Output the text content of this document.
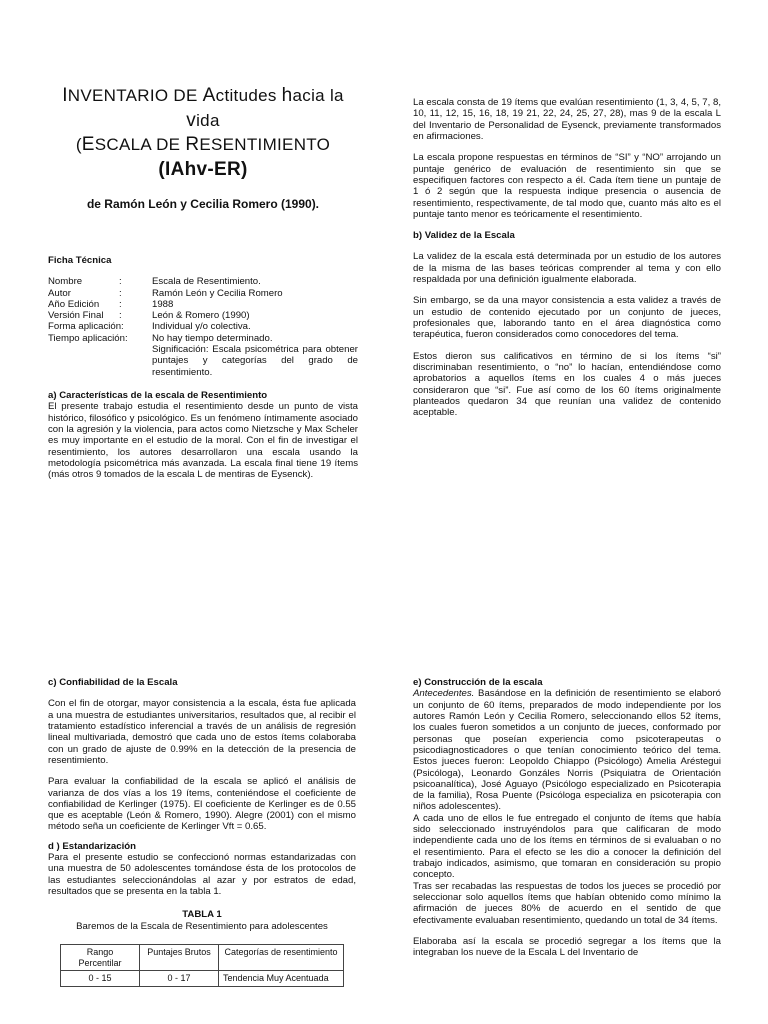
INVENTARIO DE Actitudes hacia la
vida
(ESCALA DE RESENTIMIENTO
(IAhv-ER)
de Ramón León y Cecilia Romero (1990).

Ficha Técnica

Nombre	:	Escala de Resentimiento.
Autor	:	Ramón León y Cecilia Romero
Año Edición	:	1988
Versión Final	:	León & Romero (1990)
Forma aplicación:	Individual y/o colectiva.
Tiempo aplicación:	No hay tiempo determinado.

Significación: Escala psicométrica para obtener puntajes y categorías del grado de resentimiento.

a) Características de la escala de Resentimiento

El presente trabajo estudia el resentimiento desde un punto de vista histórico, filosófico y psicológico. Es un fenómeno íntimamente asociado con la agresión y la violencia, para actos como Nietzsche y Max Scheler es muy importante en el estudio de la moral. Con el fin de investigar el resentimiento, los autores desarrollaron una escala usando la metodología psicométrica más avanzada. La escala final tiene 19 ítems (más otros 9 tomados de la escala L de mentiras de Eysenck).

La escala consta de 19 ítems que evalúan resentimiento (1, 3, 4, 5, 7, 8, 10, 11, 12, 15, 16, 18, 19 21, 22, 24, 25, 27, 28), mas 9 de la escala L del Inventario de Personalidad de Eysenck, previamente transformados en afirmaciones.

La escala propone respuestas en términos de “SI” y “NO” arrojando un puntaje genérico de evaluación de resentimiento sin que se especifiquen factores con respecto a él. Cada ítem tiene un puntaje de 1 ó 2 según que la respuesta indique presencia o ausencia de resentimiento, respectivamente, de tal modo que, cuanto más alto es el puntaje tanto menor es teóricamente el resentimiento.

b) Validez de la Escala

La validez de la escala está determinada por un estudio de los autores de la misma de las bases teóricas comprender al tema y con ello respaldada por una definición igualmente elaborada.

Sin embargo, se da una mayor consistencia a esta validez a través de un estudio de contenido ejecutado por un conjunto de jueces, profesionales que, laborando tanto en el área diagnóstica como terapéutica, fueron considerados como conocedores del tema.

Estos dieron sus calificativos en término de si los ítems “si” discriminaban resentimiento, o “no” lo hacían, entendiéndose como aprobatorios a aquellos ítems en los cuales 4 o más jueces consideraron que “si”. Fue así como de los 60 ítems originalmente planteados quedaron 34 que reunían una validez de contenido aceptable.

c) Confiabilidad de la Escala

Con el fin de otorgar, mayor consistencia a la escala, ésta fue aplicada a una muestra de estudiantes universitarios, resultados que, al recibir el tratamiento estadístico inferencial a través de un análisis de regresión lineal multivariada, demostró que cada uno de estos ítems colaboraba con un grado de ajuste de 0.99% en la detección de la presencia de resentimiento.

Para evaluar la confiabilidad de la escala se aplicó el análisis de varianza de dos vías a los 19 ítems, conteniéndose el coeficiente de confiabilidad de Kerlinger (1975). El coeficiente de Kerlinger es de 0.55 que es aceptable (León & Romero, 1990). Alegre (2001) con el mismo método seña un coeficiente de Kerlinger Vft = 0.65.

d ) Estandarización

Para el presente estudio se confeccionó normas estandarizadas con una muestra de 50 adolescentes tomándose ésta de los protocolos de las estudiantes seleccionándolas al azar y por estratos de edad, resultados que se presenta en la tabla 1.

TABLA 1

Baremos de la Escala de Resentimiento para adolescentes

Rango Percentilar	Puntajes Brutos	Categorías de resentimiento
0 - 15	0 - 17	Tendencia Muy Acentuada

e) Construcción de la escala

Antecedentes. Basándose en la definición de resentimiento se elaboró un conjunto de 60 ítems, preparados de modo independiente por los autores Ramón León y Cecilia Romero, seleccionando ellos 52 ítems, los cuales fueron sometidos a un conjunto de jueces, conformado por personas que poseían experiencia como psicoterapeutas o psicodiagnosticadores o que tenían conocimiento teórico del tema. Estos jueces fueron: Leopoldo Chiappo (Psicólogo) Amelia Aréstegui (Psicóloga), Leonardo Gonzáles Norris (Psiquiatra de Orientación psicoanalítica), José Aguayo (Psicólogo especializado en Psicoterapia de la familia), Rosa Puente (Psicóloga especializa en psicoterapia con niños adolescentes).

A cada uno de ellos le fue entregado el conjunto de ítems que había sido seleccionado instruyéndolos para que calificaran de modo independiente cada uno de los ítems en términos de si evaluaban o no el resentimiento. Para el efecto se les dio a conocer la definición del trabajo indicados, asimismo, que tomaran en consideración su propio concepto.

Tras ser recabadas las respuestas de todos los jueces se procedió por seleccionar solo aquellos ítems que habían obtenido como mínimo la afirmación de jueces 80% de acuerdo en el sentido de que efectivamente evaluaban resentimiento, quedando un total de 34 ítems.

Elaboraba así la escala se procedió segregar a los ítems que la integraban los nueve de la Escala L del Inventario de
